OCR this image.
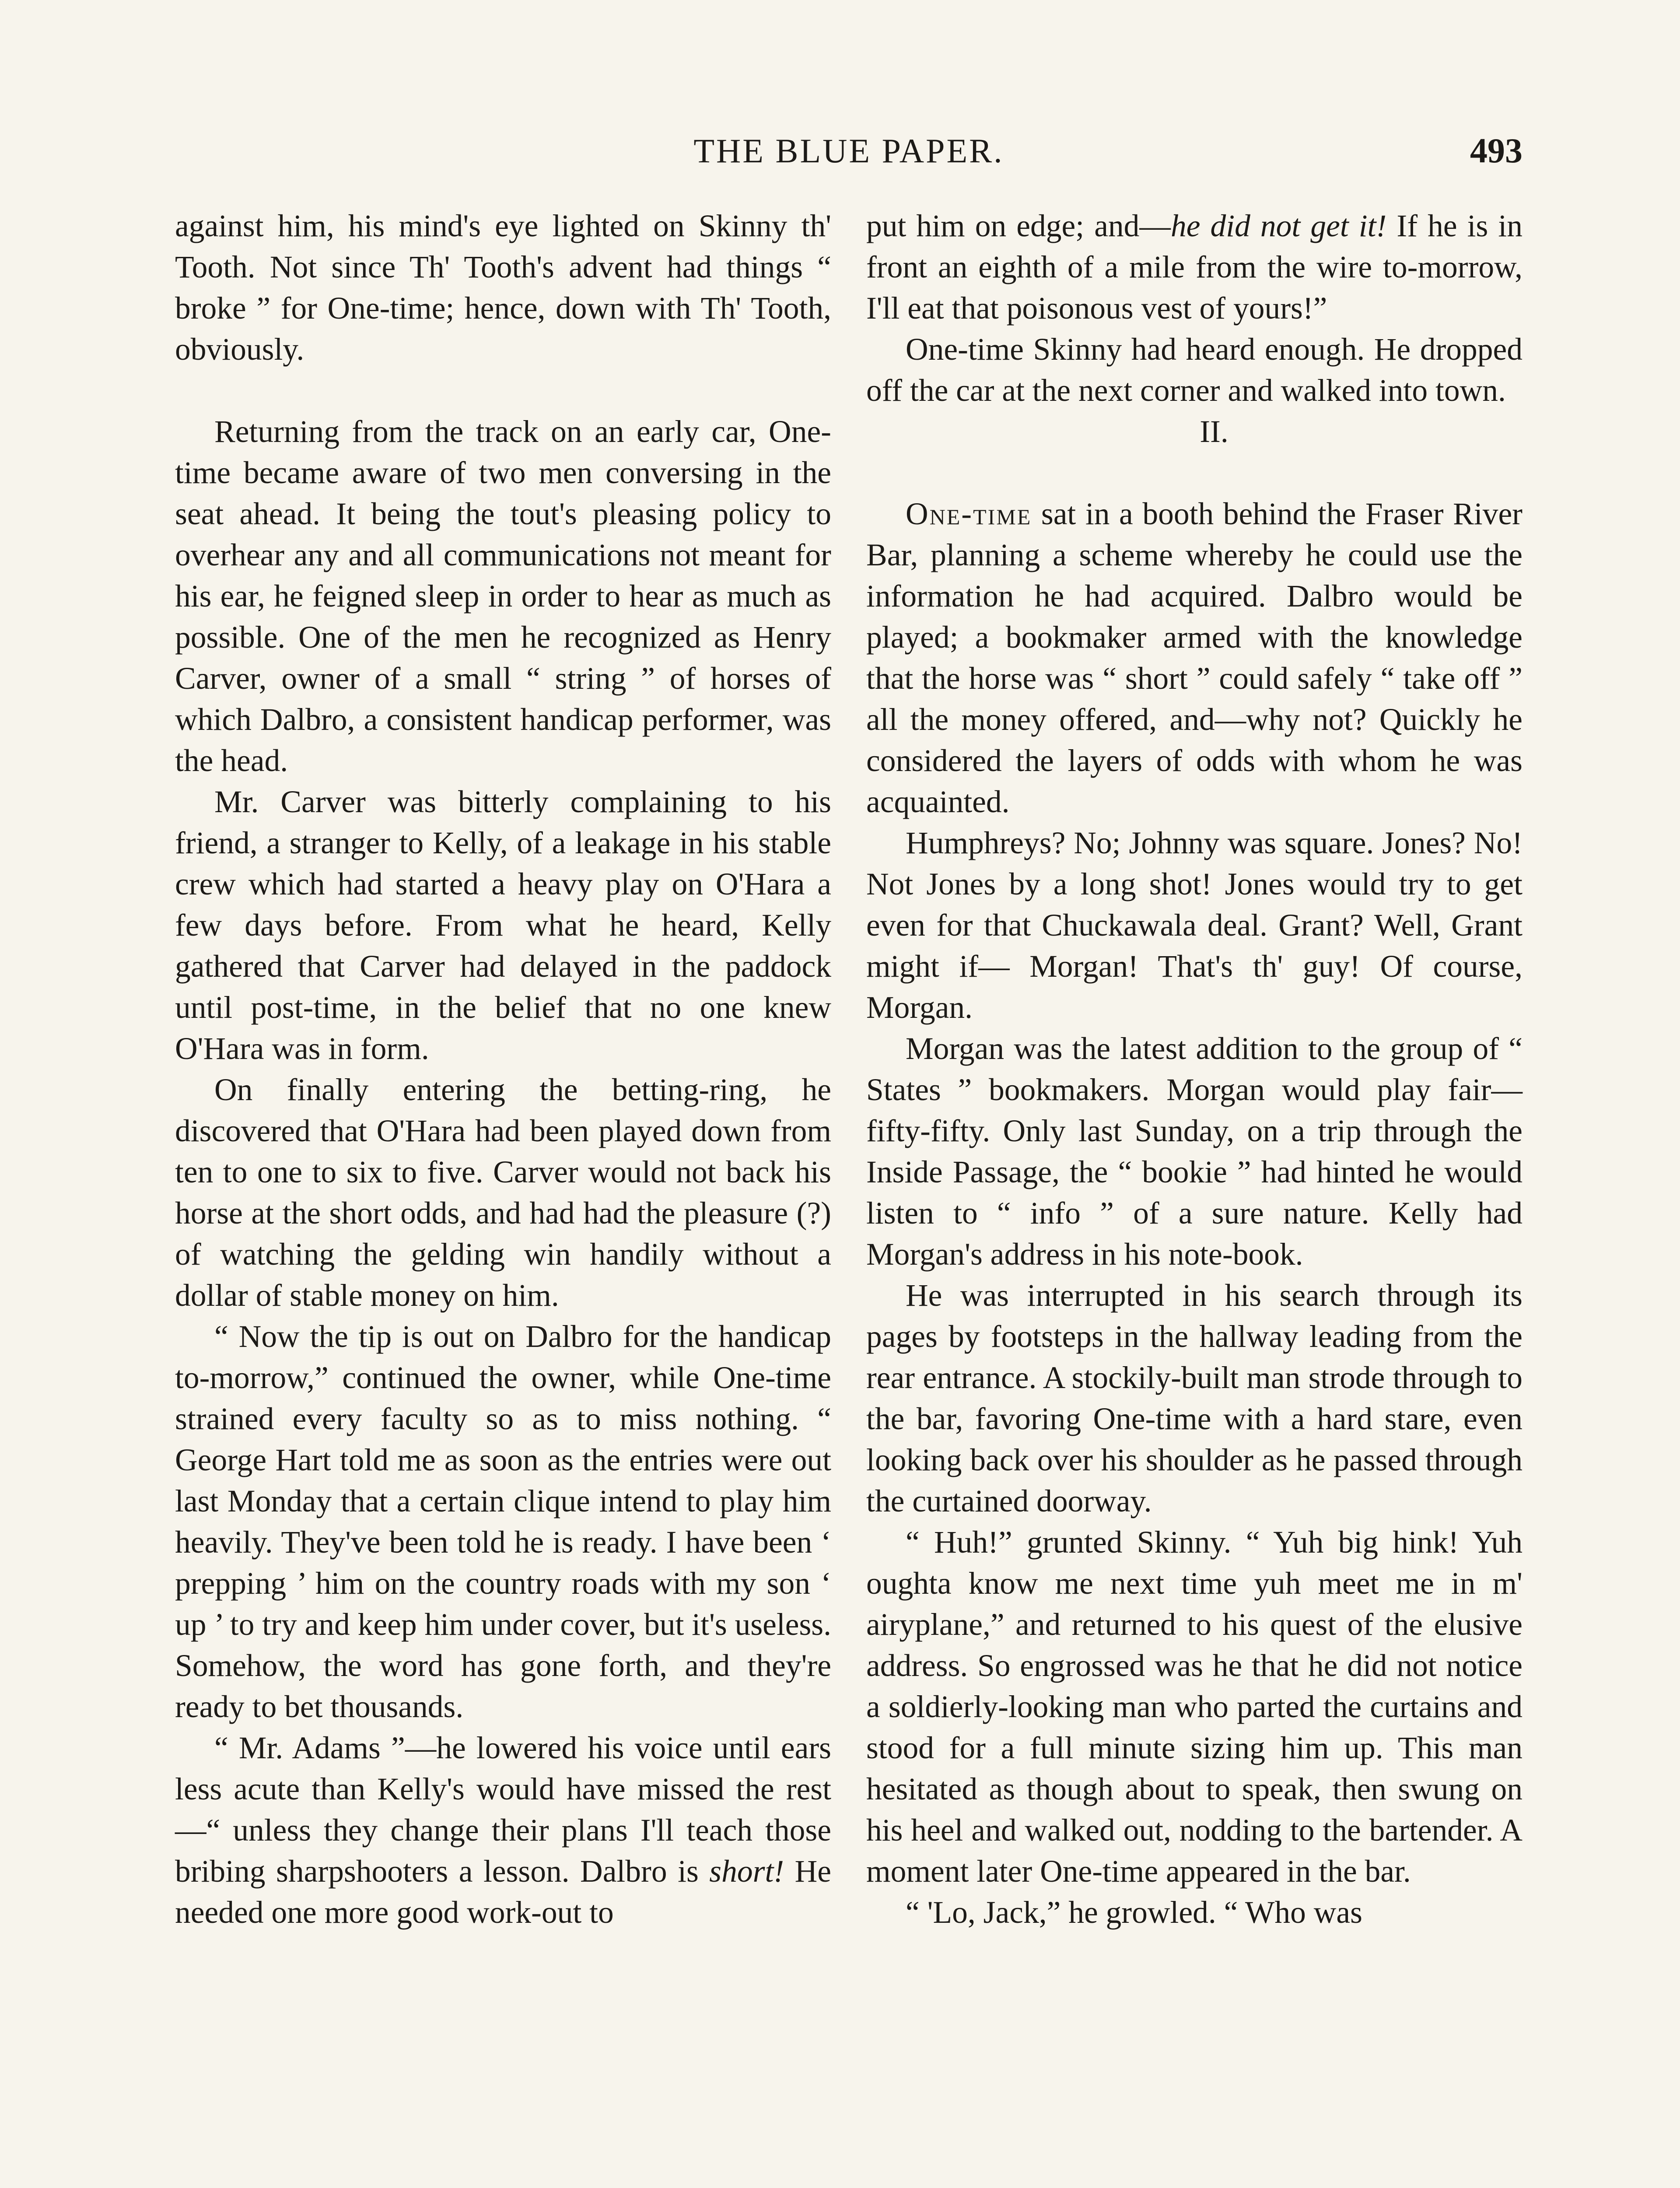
THE BLUE PAPER.	493

against him, his mind's eye lighted on Skinny th' Tooth. Not since Th' Tooth's advent had things “ broke ” for One-time; hence, down with Th' Tooth, obviously.

Returning from the track on an early car, One-time became aware of two men conversing in the seat ahead. It being the tout's pleasing policy to overhear any and all communications not meant for his ear, he feigned sleep in order to hear as much as possible. One of the men he recognized as Henry Carver, owner of a small “ string ” of horses of which Dalbro, a consistent handicap performer, was the head.

Mr. Carver was bitterly complaining to his friend, a stranger to Kelly, of a leakage in his stable crew which had started a heavy play on O'Hara a few days before. From what he heard, Kelly gathered that Carver had delayed in the paddock until post-time, in the belief that no one knew O'Hara was in form.

On finally entering the betting-ring, he discovered that O'Hara had been played down from ten to one to six to five. Carver would not back his horse at the short odds, and had had the pleasure (?) of watching the gelding win handily without a dollar of stable money on him.

“ Now the tip is out on Dalbro for the handicap to-morrow,” continued the owner, while One-time strained every faculty so as to miss nothing. “ George Hart told me as soon as the entries were out last Monday that a certain clique intend to play him heavily. They've been told he is ready. I have been ‘ prepping ’ him on the country roads with my son ‘ up ’ to try and keep him under cover, but it's useless. Somehow, the word has gone forth, and they're ready to bet thousands.

“ Mr. Adams ”—he lowered his voice until ears less acute than Kelly's would have missed the rest—“ unless they change their plans I'll teach those bribing sharpshooters a lesson. Dalbro is short! He needed one more good work-out to

put him on edge; and—he did not get it! If he is in front an eighth of a mile from the wire to-morrow, I'll eat that poisonous vest of yours!”

One-time Skinny had heard enough. He dropped off the car at the next corner and walked into town.

II.

One-time sat in a booth behind the Fraser River Bar, planning a scheme whereby he could use the information he had acquired. Dalbro would be played; a bookmaker armed with the knowledge that the horse was “ short ” could safely “ take off ” all the money offered, and—why not? Quickly he considered the layers of odds with whom he was acquainted.

Humphreys? No; Johnny was square. Jones? No! Not Jones by a long shot! Jones would try to get even for that Chuckawala deal. Grant? Well, Grant might if— Morgan! That's th' guy! Of course, Morgan.

Morgan was the latest addition to the group of “ States ” bookmakers. Morgan would play fair—fifty-fifty. Only last Sunday, on a trip through the Inside Passage, the “ bookie ” had hinted he would listen to “ info ” of a sure nature. Kelly had Morgan's address in his note-book.

He was interrupted in his search through its pages by footsteps in the hallway leading from the rear entrance. A stockily-built man strode through to the bar, favoring One-time with a hard stare, even looking back over his shoulder as he passed through the curtained doorway.

“ Huh!” grunted Skinny. “ Yuh big hink! Yuh oughta know me next time yuh meet me in m' airyplane,” and returned to his quest of the elusive address. So engrossed was he that he did not notice a soldierly-looking man who parted the curtains and stood for a full minute sizing him up. This man hesitated as though about to speak, then swung on his heel and walked out, nodding to the bartender. A moment later One-time appeared in the bar.

“ 'Lo, Jack,” he growled. “ Who was
